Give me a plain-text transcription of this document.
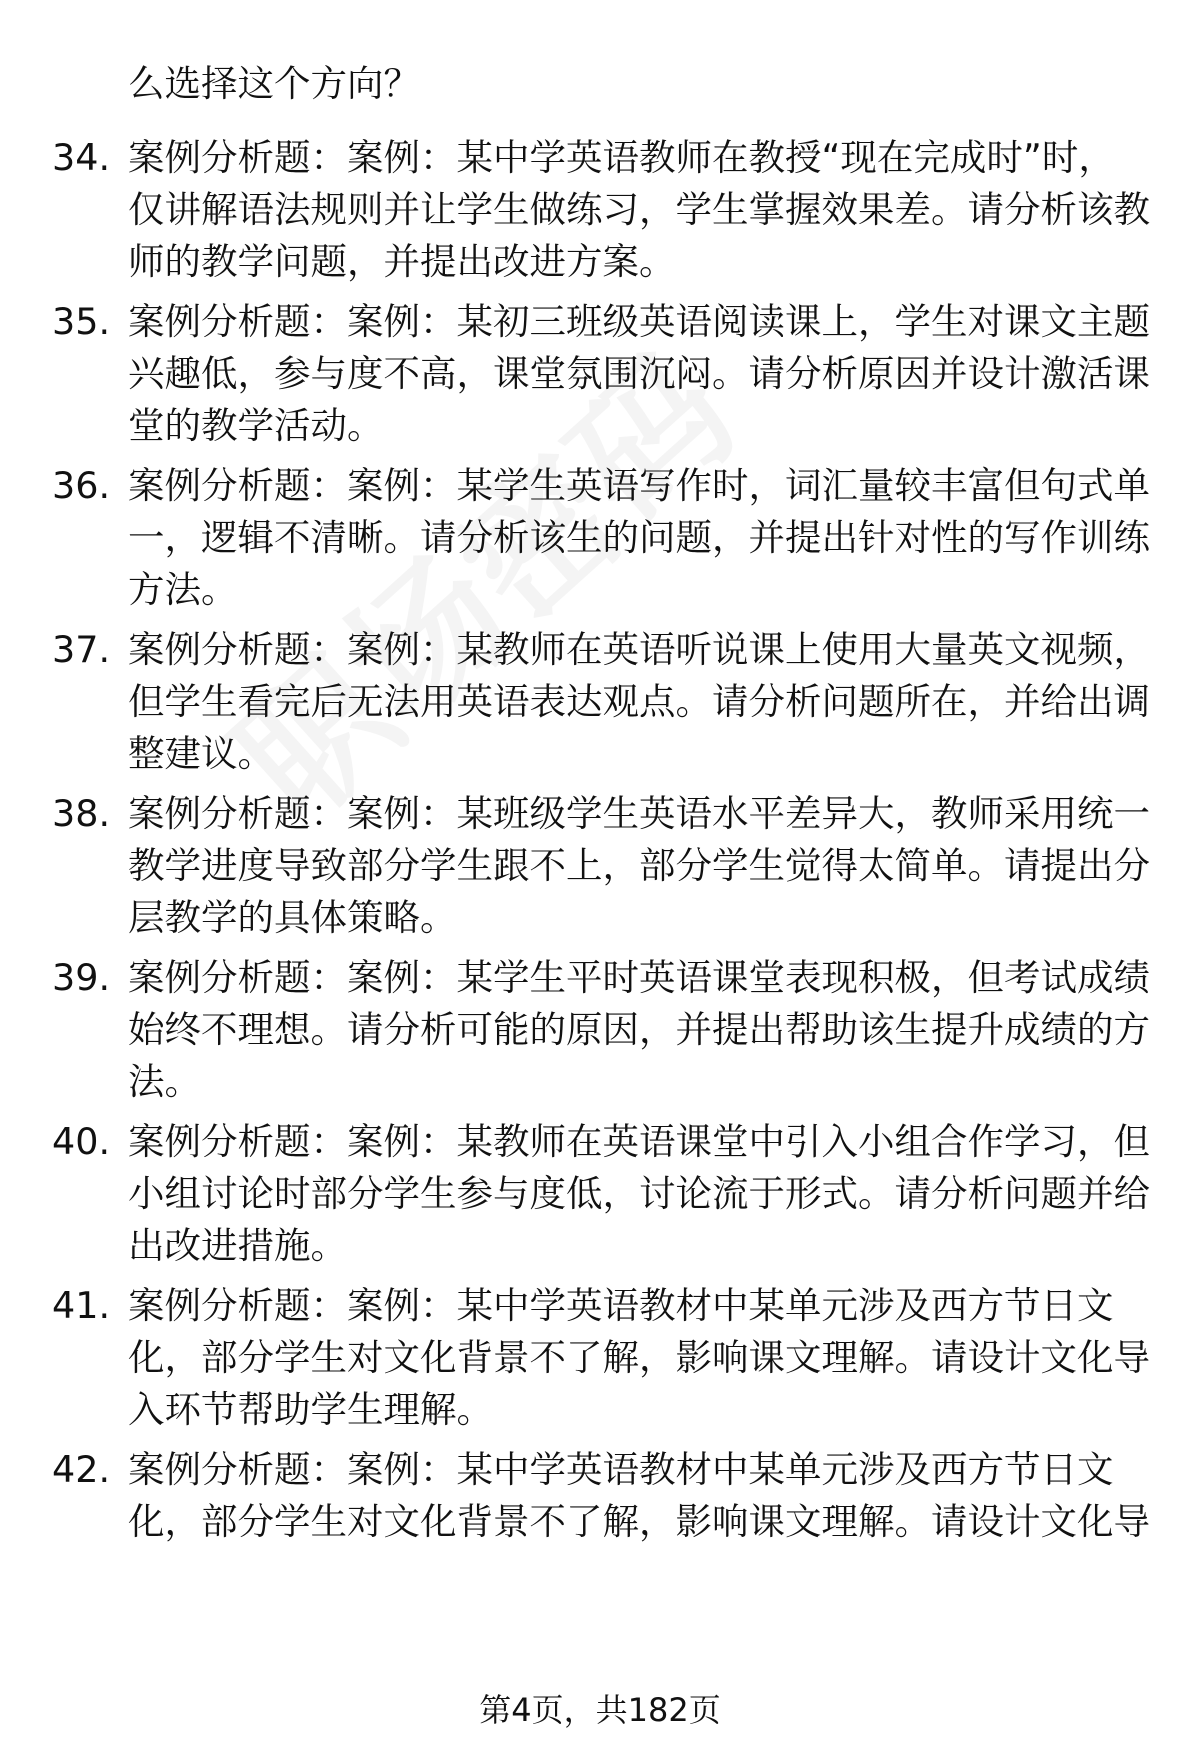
么选择这个方向？
34. 案例分析题：案例：某中学英语教师在教授“现在完成时”时，
仅讲解语法规则并让学生做练习，学生掌握效果差。请分析该教
师的教学问题，并提出改进方案。
35. 案例分析题：案例：某初三班级英语阅读课上，学生对课文主题
兴趣低，参与度不高，课堂氛围沉闷。请分析原因并设计激活课
堂的教学活动。
36. 案例分析题：案例：某学生英语写作时，词汇量较丰富但句式单
一，逻辑不清晰。请分析该生的问题，并提出针对性的写作训练
方法。
37. 案例分析题：案例：某教师在英语听说课上使用大量英文视频，
但学生看完后无法用英语表达观点。请分析问题所在，并给出调
整建议。
38. 案例分析题：案例：某班级学生英语水平差异大，教师采用统一
教学进度导致部分学生跟不上，部分学生觉得太简单。请提出分
层教学的具体策略。
39. 案例分析题：案例：某学生平时英语课堂表现积极，但考试成绩
始终不理想。请分析可能的原因，并提出帮助该生提升成绩的方
法。
40. 案例分析题：案例：某教师在英语课堂中引入小组合作学习，但
小组讨论时部分学生参与度低，讨论流于形式。请分析问题并给
出改进措施。
41. 案例分析题：案例：某中学英语教材中某单元涉及西方节日文
化，部分学生对文化背景不了解，影响课文理解。请设计文化导
入环节帮助学生理解。
42. 案例分析题：案例：某中学英语教材中某单元涉及西方节日文
化，部分学生对文化背景不了解，影响课文理解。请设计文化导
第4页，共182页
